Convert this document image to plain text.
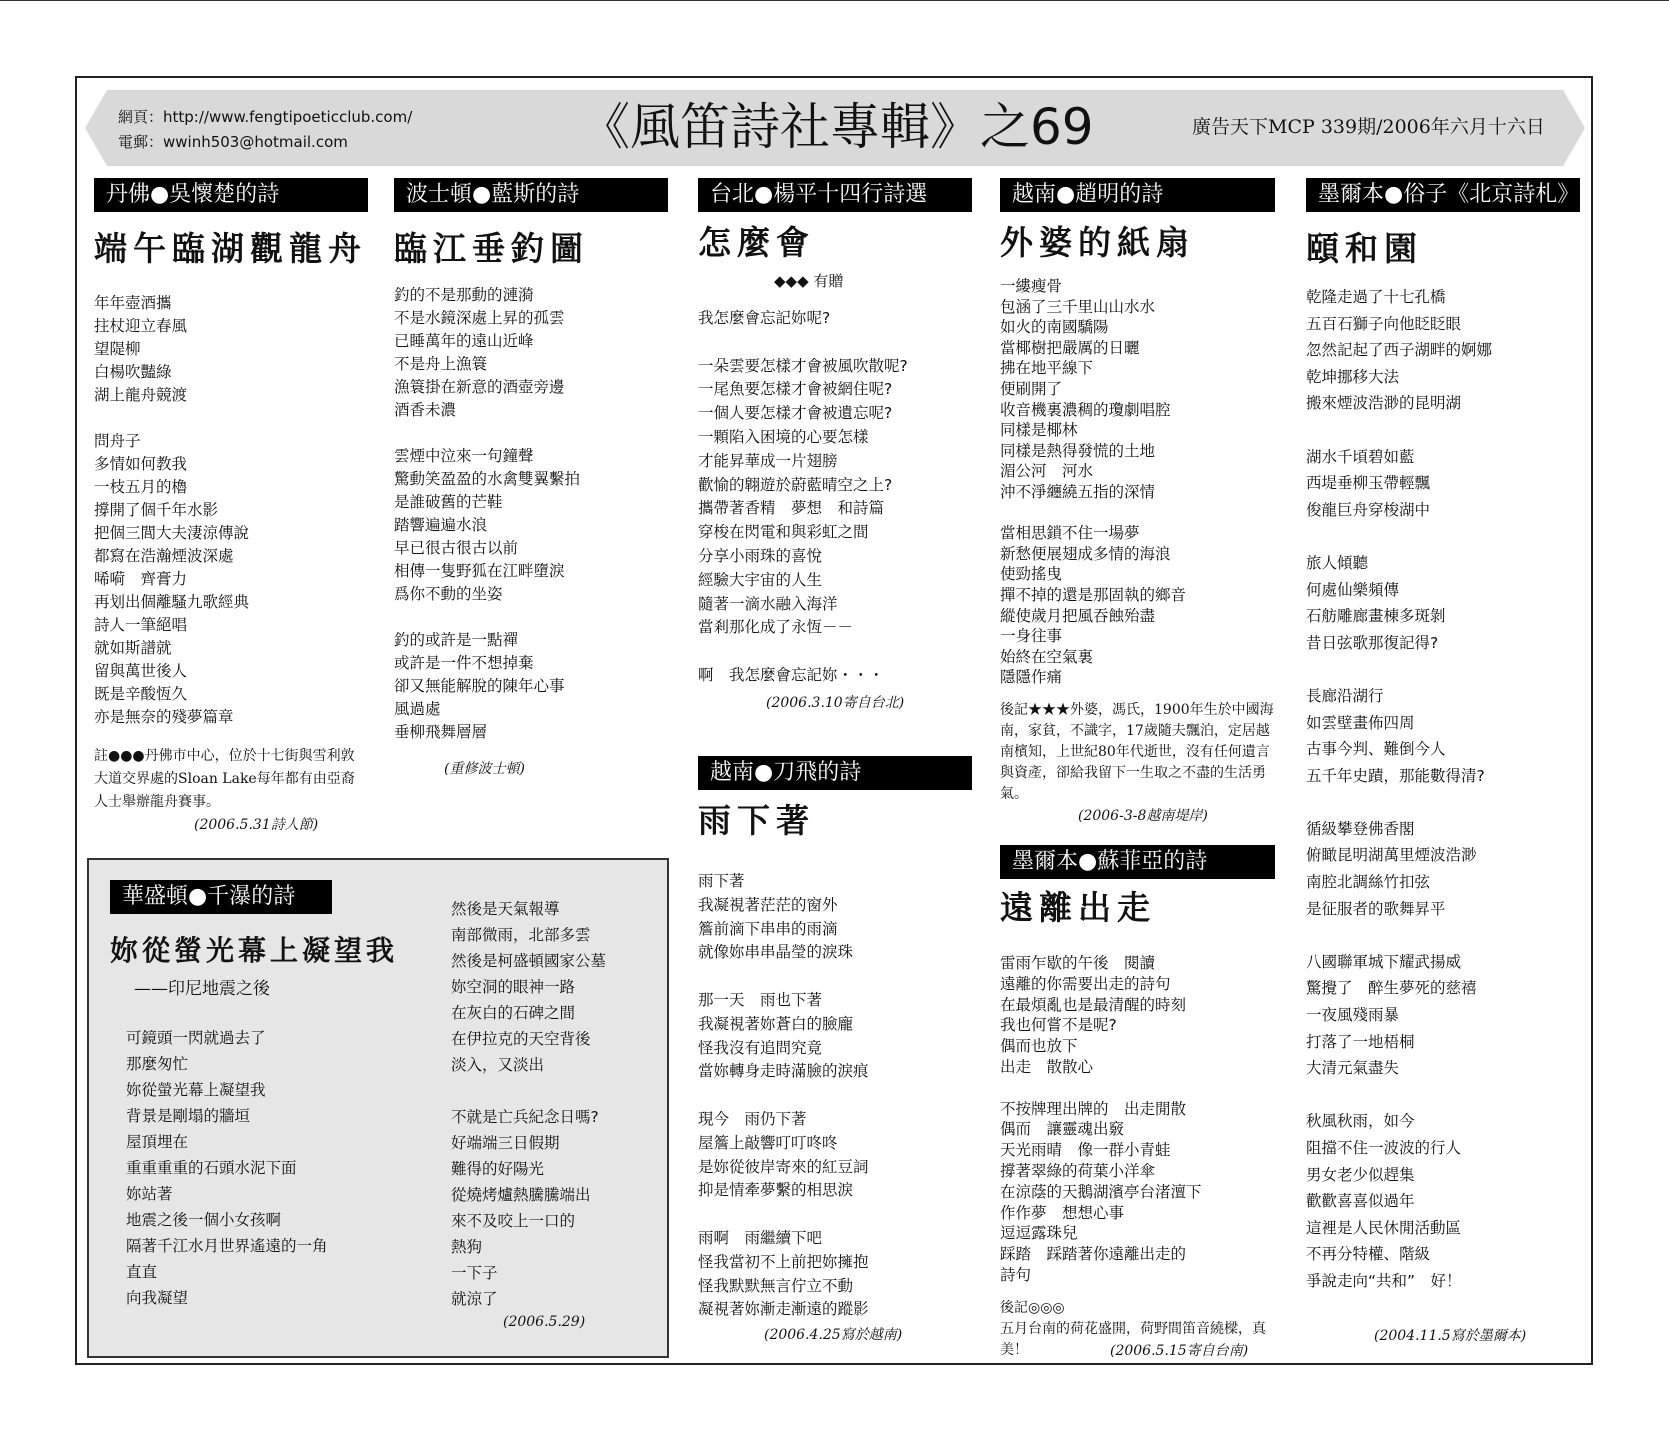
網頁：http://www.fengtipoeticclub.com/
電郵：wwinh503@hotmail.com	《風笛詩社專輯》之69	廣告天下MCP 339期/2006年六月十六日
丹佛●吳懷楚的詩
端午臨湖觀龍舟
年年壺酒攜
拄杖迎立春風
望隄柳
白楊吹豔綠
湖上龍舟競渡

問舟子
多情如何教我
一枝五月的櫓
撐開了個千年水影
把個三閭大夫淒涼傳說
都寫在浩瀚煙波深處
唏嗬　齊膏力
再划出個離騷九歌經典
詩人一筆絕唱
就如斯譜就
留與萬世後人
既是辛酸恆久
亦是無奈的殘夢篇章
註●●●丹佛市中心，位於十七街與雪利敦大道交界處的Sloan Lake每年都有由亞裔人士舉辦龍舟賽事。
(2006.5.31詩人節)
波士頓●藍斯的詩
臨江垂釣圖
釣的不是那動的漣漪
不是水鏡深處上昇的孤雲
已睡萬年的遠山近峰
不是舟上漁簑
漁簑掛在新意的酒壺旁邊
酒香未濃

雲煙中泣來一句鐘聲
驚動笑盈盈的水禽雙翼繫拍
是誰破舊的芒鞋
踏響遍遍水浪
早已很古很古以前
相傳一隻野狐在江畔墮淚
爲你不動的坐姿

釣的或許是一點禪
或許是一件不想掉棄
卻又無能解脫的陳年心事
風過處
垂柳飛舞層層
(重修波士頓)
台北●楊平十四行詩選
怎麼會
◆◆◆ 有贈
我怎麼會忘記妳呢?

一朵雲要怎樣才會被風吹散呢?
一尾魚要怎樣才會被網住呢?
一個人要怎樣才會被遺忘呢?
一顆陷入困境的心要怎樣
才能昇華成一片翅膀
歡愉的翺遊於蔚藍晴空之上?
攜帶著香精　夢想　和詩篇
穿梭在閃電和與彩虹之間
分享小雨珠的喜悅
經驗大宇宙的人生
隨著一滴水融入海洋
當剎那化成了永恆－－

啊　我怎麼會忘記妳・・・
(2006.3.10寄自台北)
越南●刀飛的詩
雨下著
雨下著
我凝視著茫茫的窗外
簷前滴下串串的雨滴
就像妳串串晶瑩的淚珠

那一天　雨也下著
我凝視著妳蒼白的臉龐
怪我沒有追問究竟
當妳轉身走時滿臉的淚痕

現今　雨仍下著
屋簷上敲響叮叮咚咚
是妳從彼岸寄來的紅豆詞
抑是情牽夢繫的相思淚

雨啊　雨繼續下吧
怪我當初不上前把妳擁抱
怪我默默無言佇立不動
凝視著妳漸走漸遠的蹤影
(2006.4.25寫於越南)
越南●趙明的詩
外婆的紙扇
一縷瘦骨
包涵了三千里山山水水
如火的南國驕陽
當椰樹把嚴厲的日曬
拂在地平線下
便刷開了
收音機裏濃稠的瓊劇唱腔
同樣是椰林
同樣是熱得發慌的土地
湄公河　河水
沖不淨纏繞五指的深情

當相思鎖不住一場夢
新愁便展翅成多情的海浪
使勁搖曳
撣不掉的還是那固執的鄉音
縱使歲月把風吞蝕殆盡
一身往事
始終在空氣裏
隱隱作痛
後記★★★外婆，馮氏，1900年生於中國海南，家貧，不識字，17歲隨夫飄泊，定居越南檳知，上世紀80年代逝世，沒有任何遺言與資產，卻給我留下一生取之不盡的生活勇氣。
(2006-3-8越南堤岸)
墨爾本●蘇菲亞的詩
遠離出走
雷雨乍歇的午後　閱讀
遠離的你需要出走的詩句
在最煩亂也是最清醒的時刻
我也何嘗不是呢?
偶而也放下
出走　散散心

不按牌理出牌的　出走閒散
偶而　讓靈魂出竅
天光雨晴　像一群小青蛙
撐著翠綠的荷葉小洋傘
在涼蔭的天鵝湖濱亭台渚澶下
作作夢　想想心事
逗逗露珠兒
踩踏　踩踏著你遠離出走的
詩句
後記◎◎◎
五月台南的荷花盛開，荷野間笛音繞樑，真美！	(2006.5.15寄自台南)
墨爾本●俗子《北京詩札》
頤和園
乾隆走過了十七孔橋
五百石獅子向他眨眨眼
忽然記起了西子湖畔的婀娜
乾坤挪移大法
搬來煙波浩渺的昆明湖

湖水千頃碧如藍
西堤垂柳玉帶輕飄
俊龍巨舟穿梭湖中

旅人傾聽
何處仙樂頻傳
石舫雕廊畫棟多斑剝
昔日弦歌那復記得?

長廊沿湖行
如雲壁畫佈四周
古事今判、難倒今人
五千年史蹟，那能數得清?

循級攀登佛香閣
俯瞰昆明湖萬里煙波浩渺
南腔北調絲竹扣弦
是征服者的歌舞昇平

八國聯軍城下耀武揚威
驚攪了　醉生夢死的慈禧
一夜風殘雨暴
打落了一地梧桐
大清元氣盡失

秋風秋雨，如今
阻擋不住一波波的行人
男女老少似趕集
歡歡喜喜似過年
這裡是人民休閒活動區
不再分特權、階級
爭說走向“共和”　好！
(2004.11.5寫於墨爾本)
華盛頓●千瀑的詩
妳從螢光幕上凝望我
——印尼地震之後
可鏡頭一閃就過去了
那麼匆忙
妳從螢光幕上凝望我
背景是剛塌的牆垣
屋頂埋在
重重重重的石頭水泥下面
妳站著
地震之後一個小女孩啊
隔著千江水月世界遙遠的一角
直直
向我凝望
然後是天氣報導
南部微雨，北部多雲
然後是柯盛頓國家公墓
妳空洞的眼神一路
在灰白的石碑之間
在伊拉克的天空背後
淡入，又淡出

不就是亡兵紀念日嗎?
好端端三日假期
難得的好陽光
從燒烤爐熱騰騰端出
來不及咬上一口的
熱狗
一下子
就涼了
(2006.5.29)
